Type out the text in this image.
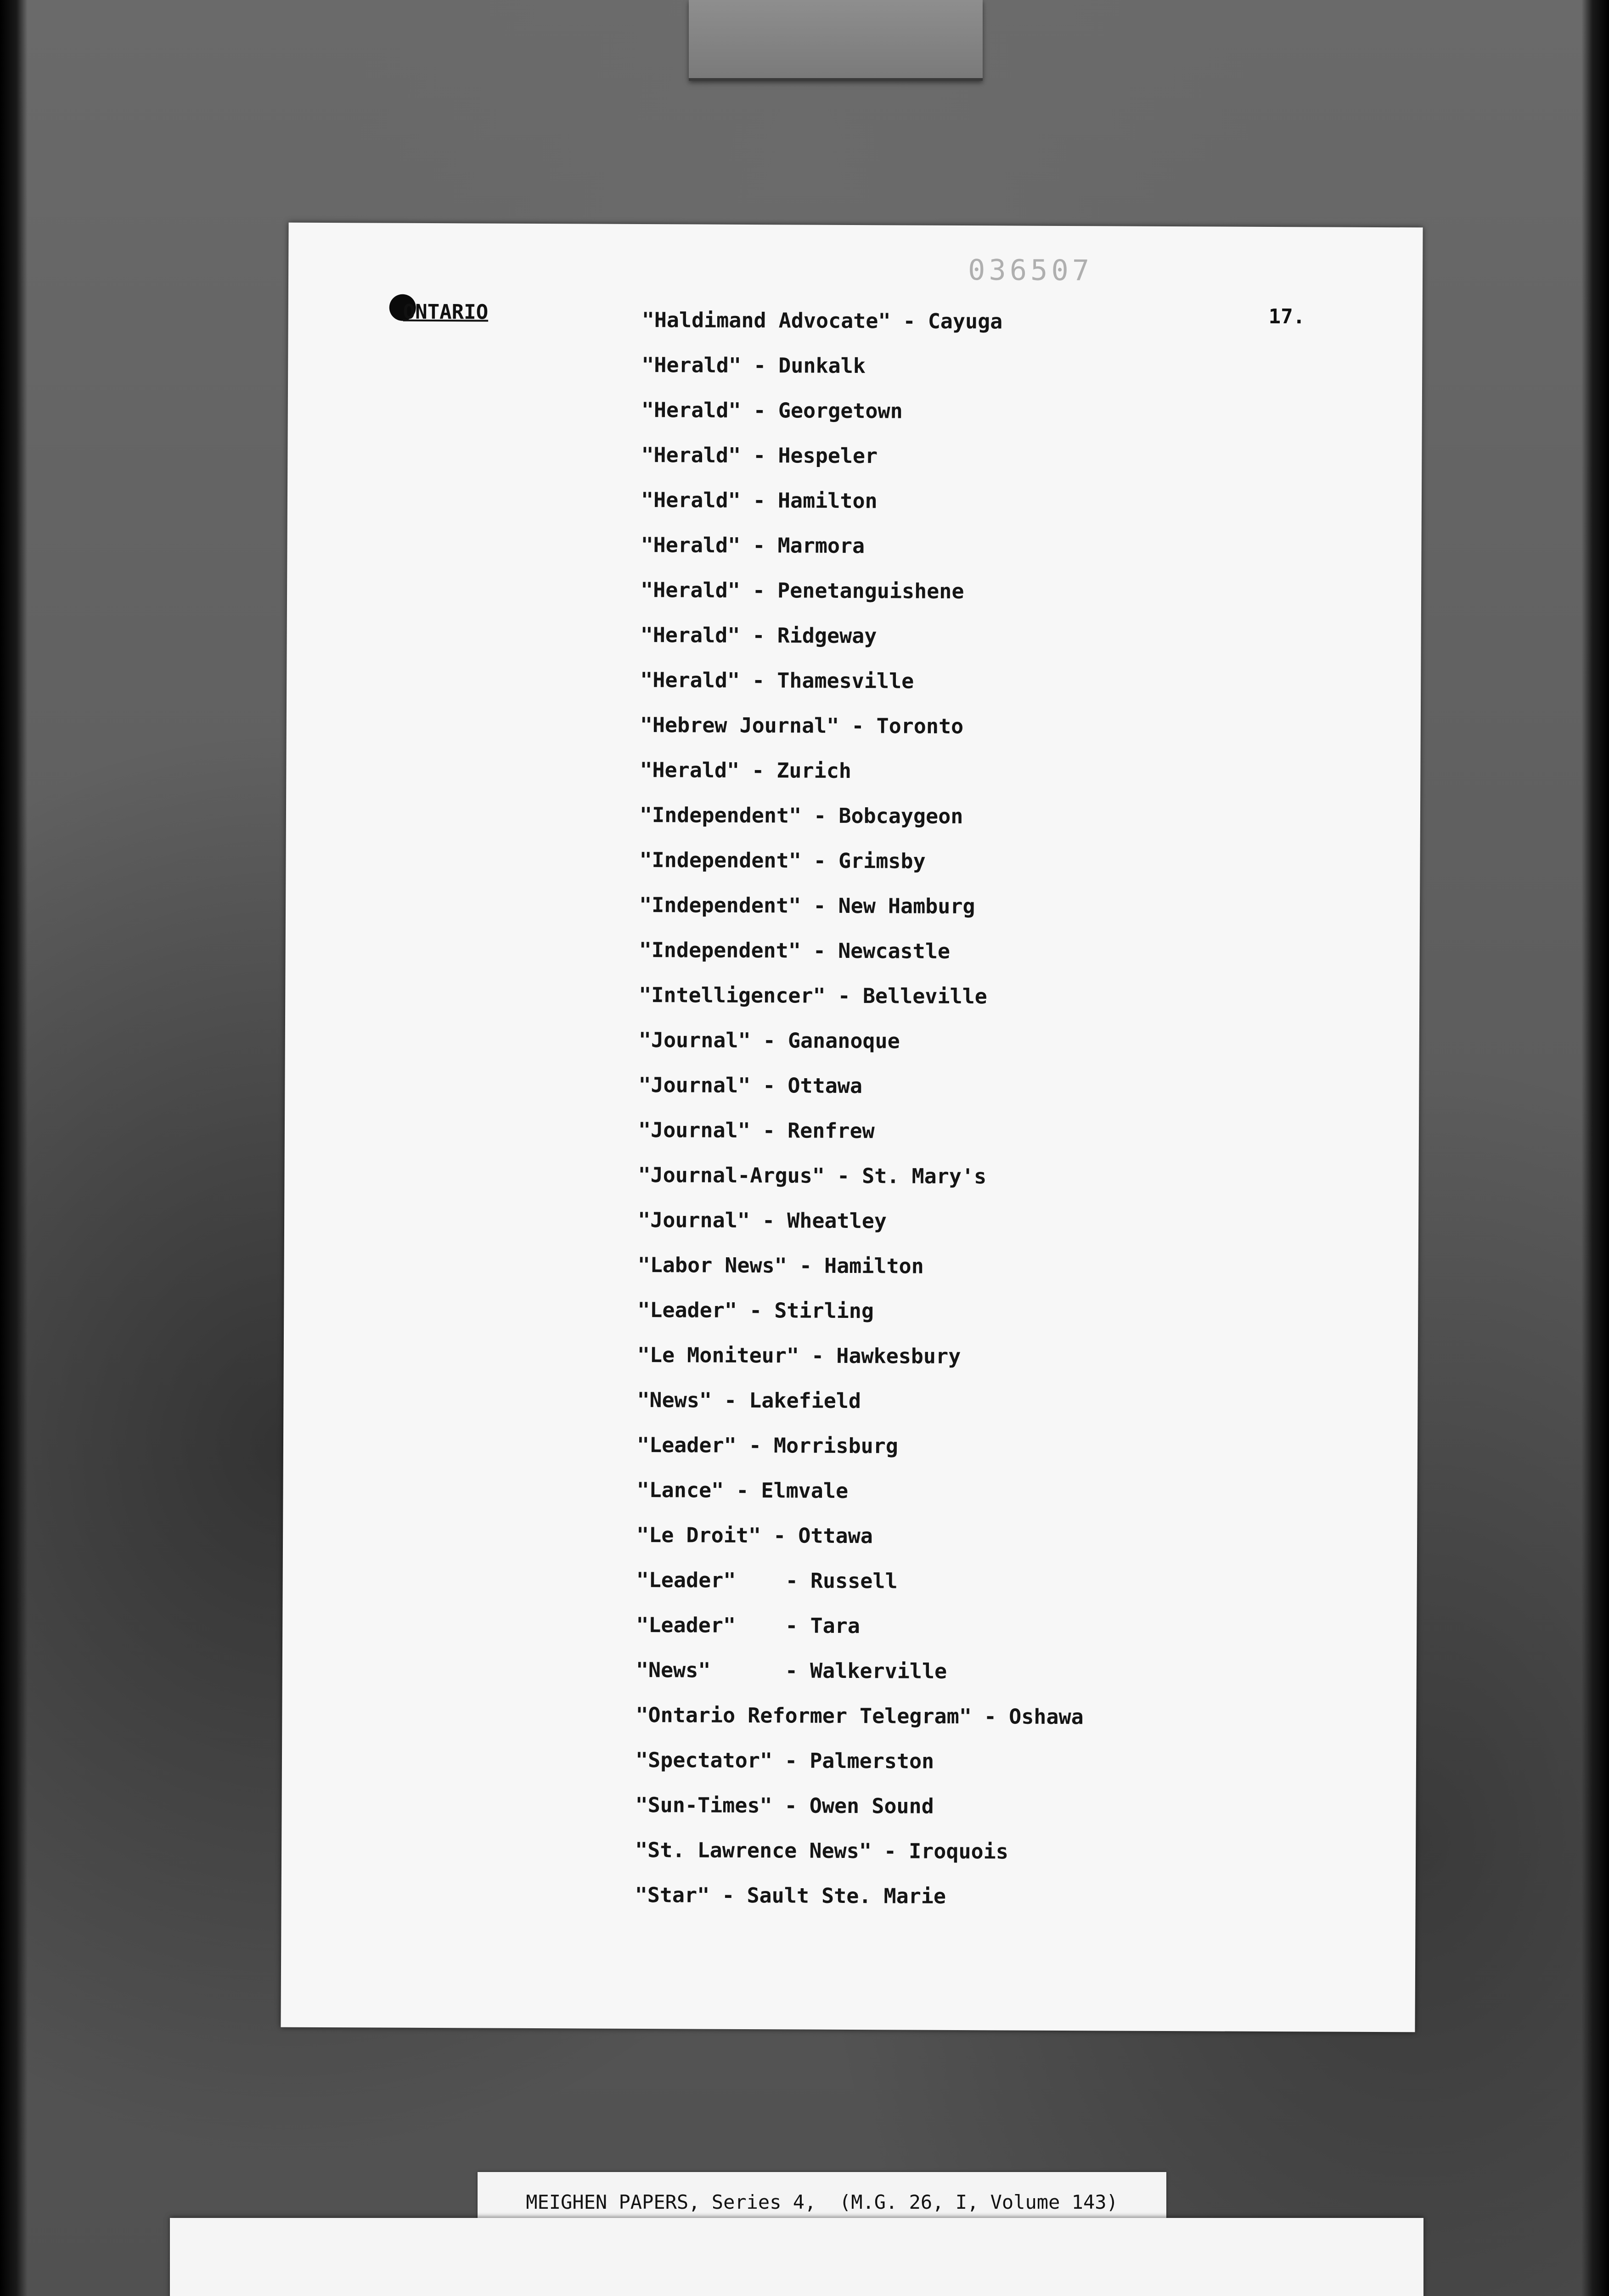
036507
17.
ONTARIO	"Haldimand Advocate" - Cayuga
"Herald" - Dunkalk
"Herald" - Georgetown
"Herald" - Hespeler
"Herald" - Hamilton
"Herald" - Marmora
"Herald" - Penetanguishene
"Herald" - Ridgeway
"Herald" - Thamesville
"Hebrew Journal" - Toronto
"Herald" - Zurich
"Independent" - Bobcaygeon
"Independent" - Grimsby
"Independent" - New Hamburg
"Independent" - Newcastle
"Intelligencer" - Belleville
"Journal" - Gananoque
"Journal" - Ottawa
"Journal" - Renfrew
"Journal-Argus" - St. Mary's
"Journal" - Wheatley
"Labor News" - Hamilton
"Leader" - Stirling
"Le Moniteur" - Hawkesbury
"News" - Lakefield
"Leader" - Morrisburg
"Lance" - Elmvale
"Le Droit" - Ottawa
"Leader"    - Russell
"Leader"    - Tara
"News"      - Walkerville
"Ontario Reformer Telegram" - Oshawa
"Spectator" - Palmerston
"Sun-Times" - Owen Sound
"St. Lawrence News" - Iroquois
"Star" - Sault Ste. Marie
MEIGHEN PAPERS, Series 4,  (M.G. 26, I, Volume 143)
